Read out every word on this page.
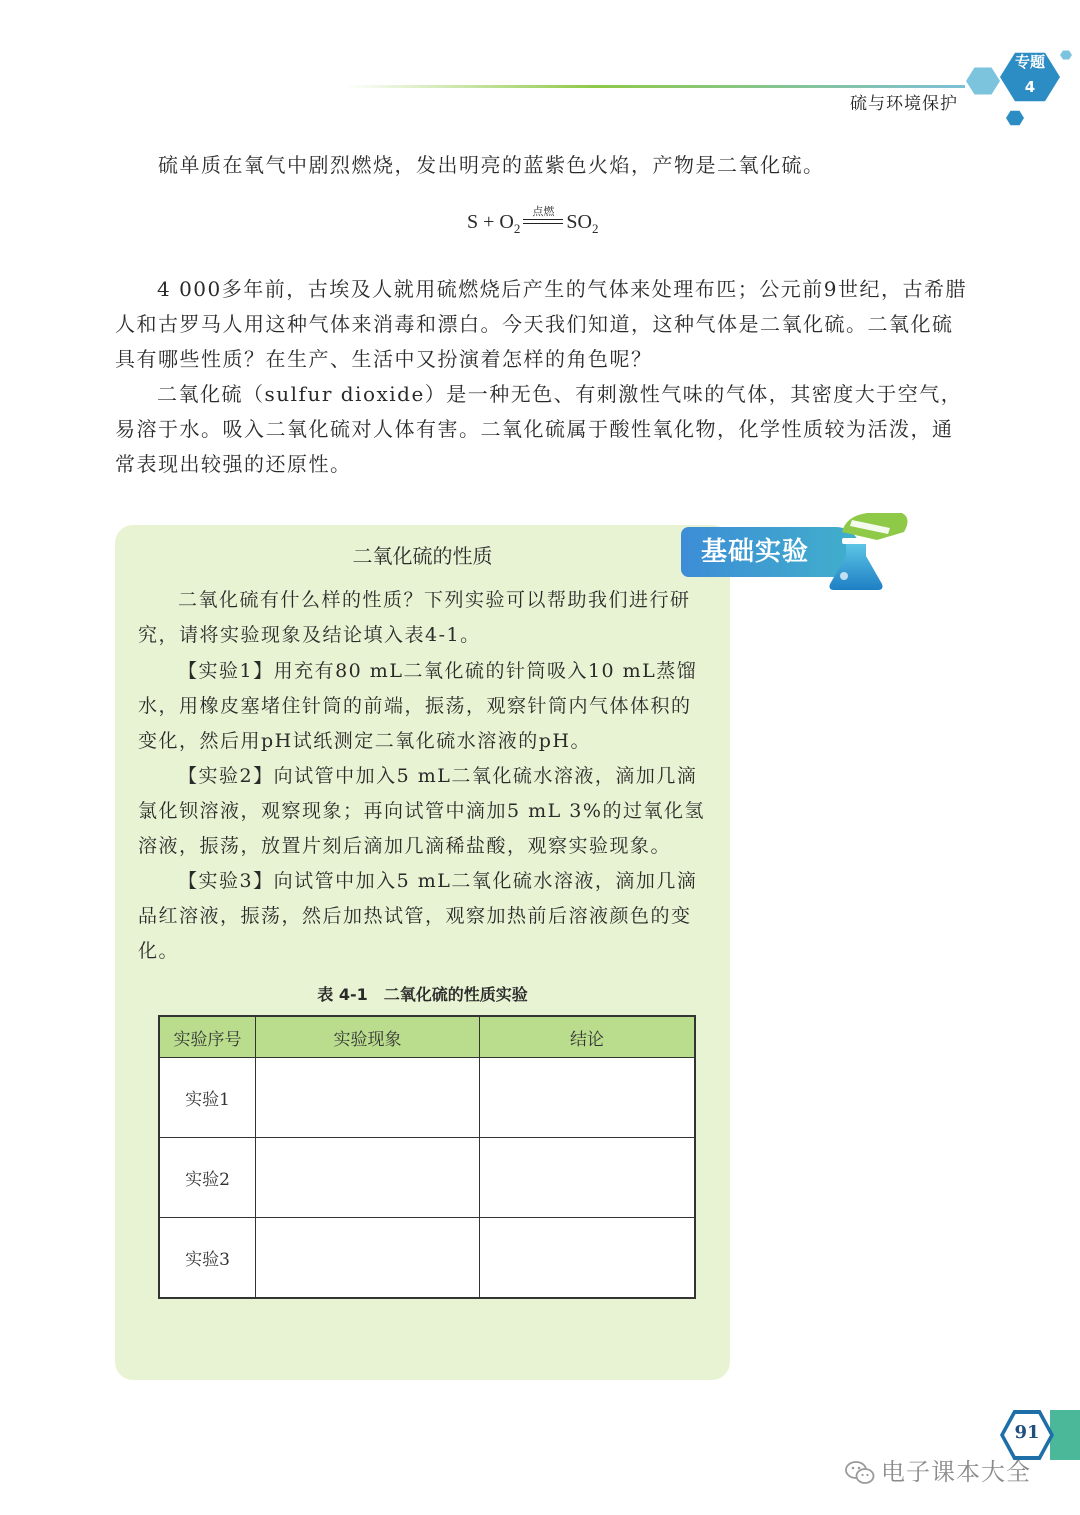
硫与环境保护
专题
4

硫单质在氧气中剧烈燃烧，发出明亮的蓝紫色火焰，产物是二氧化硫。

$S + O_2$
点燃 $SO_2$

4 000多年前，古埃及人就用硫燃烧后产生的气体来处理布匹；公元前9世纪，古希腊人和古罗马人用这种气体来消毒和漂白。今天我们知道，这种气体是二氧化硫。二氧化硫具有哪些性质？在生产、生活中又扮演着怎样的角色呢？

二氧化硫（sulfur dioxide）是一种无色、有刺激性气味的气体，其密度大于空气，易溶于水。吸入二氧化硫对人体有害。二氧化硫属于酸性氧化物，化学性质较为活泼，通常表现出较强的还原性。

基础实验
二氧化硫的性质

二氧化硫有什么样的性质？下列实验可以帮助我们进行研究，请将实验现象及结论填入表4-1。

【实验1】用充有80 mL二氧化硫的针筒吸入10 mL蒸馏水，用橡皮塞堵住针筒的前端，振荡，观察针筒内气体体积的变化，然后用pH试纸测定二氧化硫水溶液的pH。

【实验2】向试管中加入5 mL二氧化硫水溶液，滴加几滴氯化钡溶液，观察现象；再向试管中滴加5 mL 3%的过氧化氢溶液，振荡，放置片刻后滴加几滴稀盐酸，观察实验现象。

【实验3】向试管中加入5 mL二氧化硫水溶液，滴加几滴品红溶液，振荡，然后加热试管，观察加热前后溶液颜色的变化。

表 4-1　二氧化硫的性质实验
实验序号	实验现象	结论
实验1		
实验2		
实验3		
91
电子课本大全
